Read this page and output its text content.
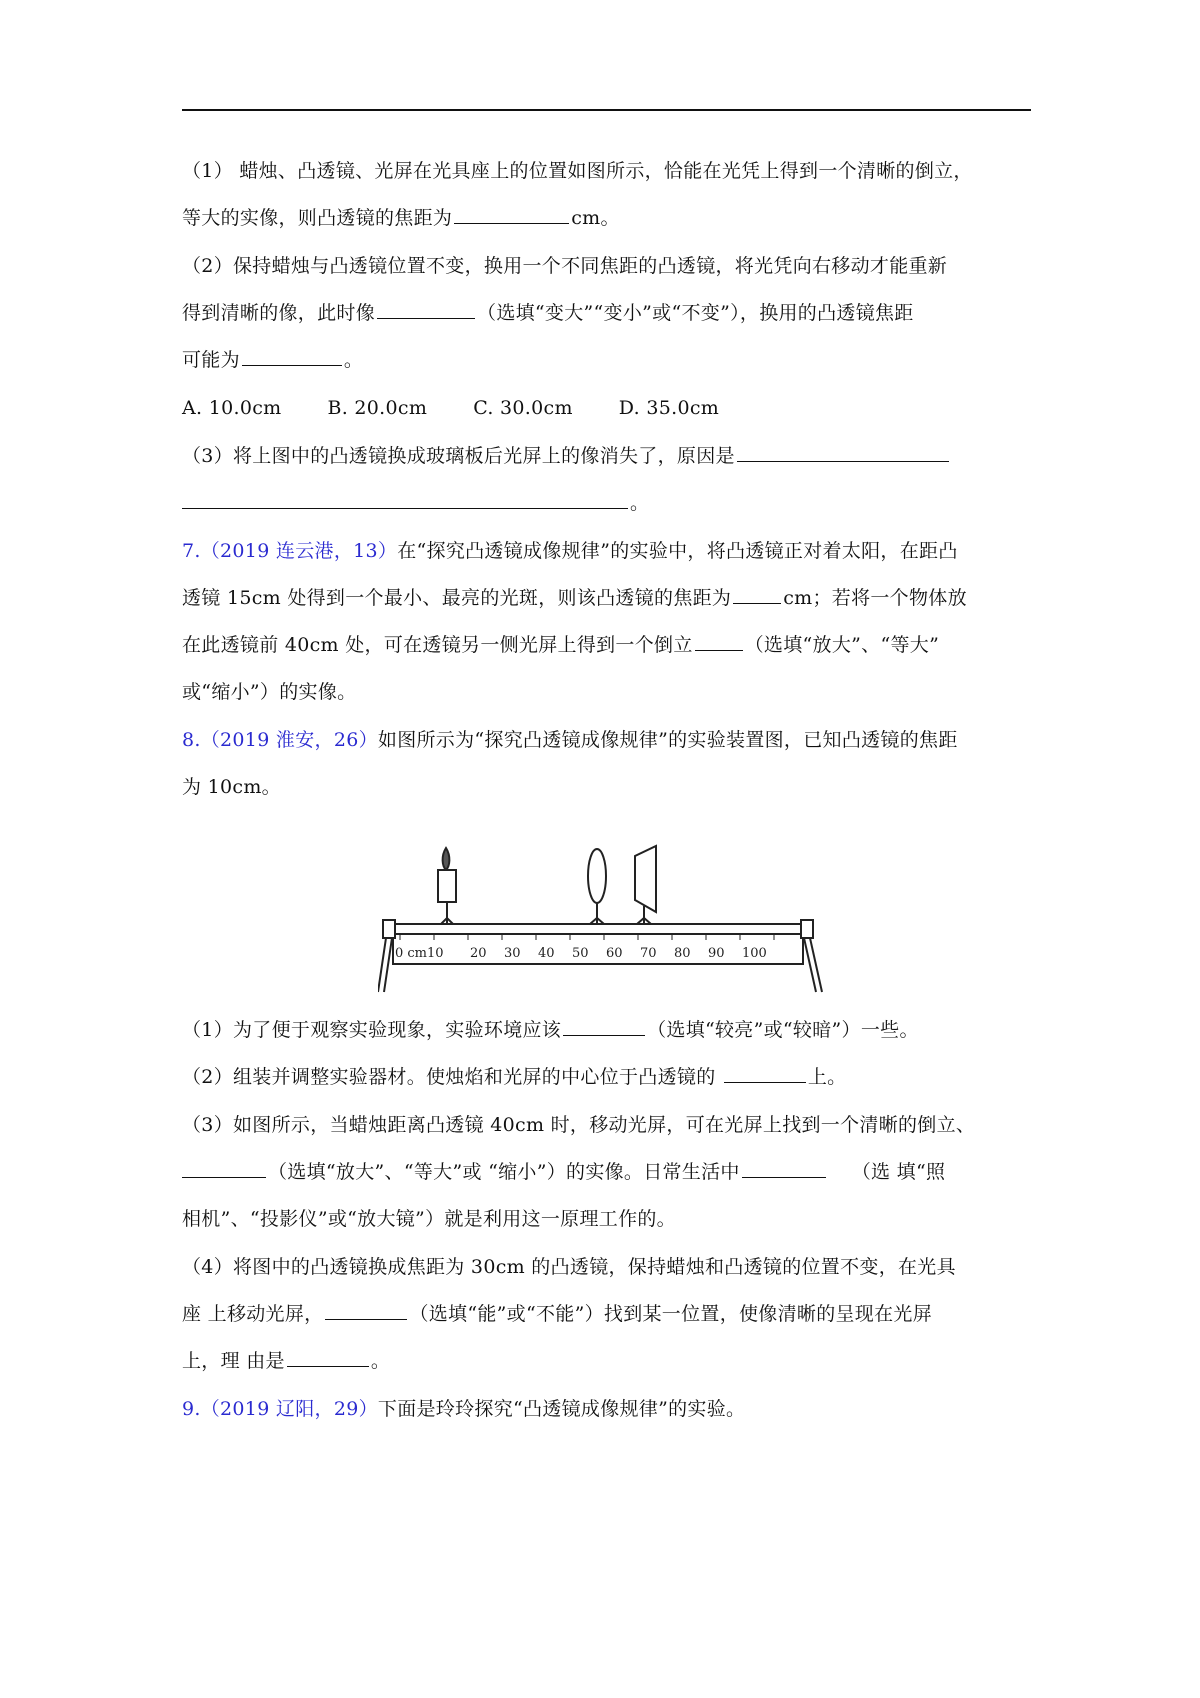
（1） 蜡烛、凸透镜、光屏在光具座上的位置如图所示，恰能在光凭上得到一个清晰的倒立，
等大的实像，则凸透镜的焦距为	cm。
（2）保持蜡烛与凸透镜位置不变，换用一个不同焦距的凸透镜，将光凭向右移动才能重新
得到清晰的像，此时像	（选填“变大”“变小”或“不变”），换用的凸透镜焦距
可能为	。
A. 10.0cm B. 20.0cm C. 30.0cm D. 35.0cm
（3）将上图中的凸透镜换成玻璃板后光屏上的像消失了，原因是
。
7.（2019 连云港，13）在“探究凸透镜成像规律”的实验中，将凸透镜正对着太阳，在距凸
透镜 15cm 处得到一个最小、最亮的光斑，则该凸透镜的焦距为	cm；若将一个物体放
在此透镜前 40cm 处，可在透镜另一侧光屏上得到一个倒立	（选填“放大”、“等大”
或“缩小”）的实像。
8.（2019 淮安，26）如图所示为“探究凸透镜成像规律”的实验装置图，已知凸透镜的焦距
为 10cm。
0 cm10 20 30 40 50 60 70 80 90 100
（1）为了便于观察实验现象，实验环境应该	（选填“较亮”或“较暗”）一些。
（2）组装并调整实验器材。使烛焰和光屏的中心位于凸透镜的	上。
（3）如图所示，当蜡烛距离凸透镜 40cm 时，移动光屏，可在光屏上找到一个清晰的倒立、
（选填“放大”、“等大”或 “缩小”）的实像。日常生活中	（选 填“照
相机”、“投影仪”或“放大镜”）就是利用这一原理工作的。
（4）将图中的凸透镜换成焦距为 30cm 的凸透镜，保持蜡烛和凸透镜的位置不变，在光具
座 上移动光屏，	（选填“能”或“不能”）找到某一位置，使像清晰的呈现在光屏
上，理 由是	。
9.（2019 辽阳，29）下面是玲玲探究“凸透镜成像规律”的实验。
